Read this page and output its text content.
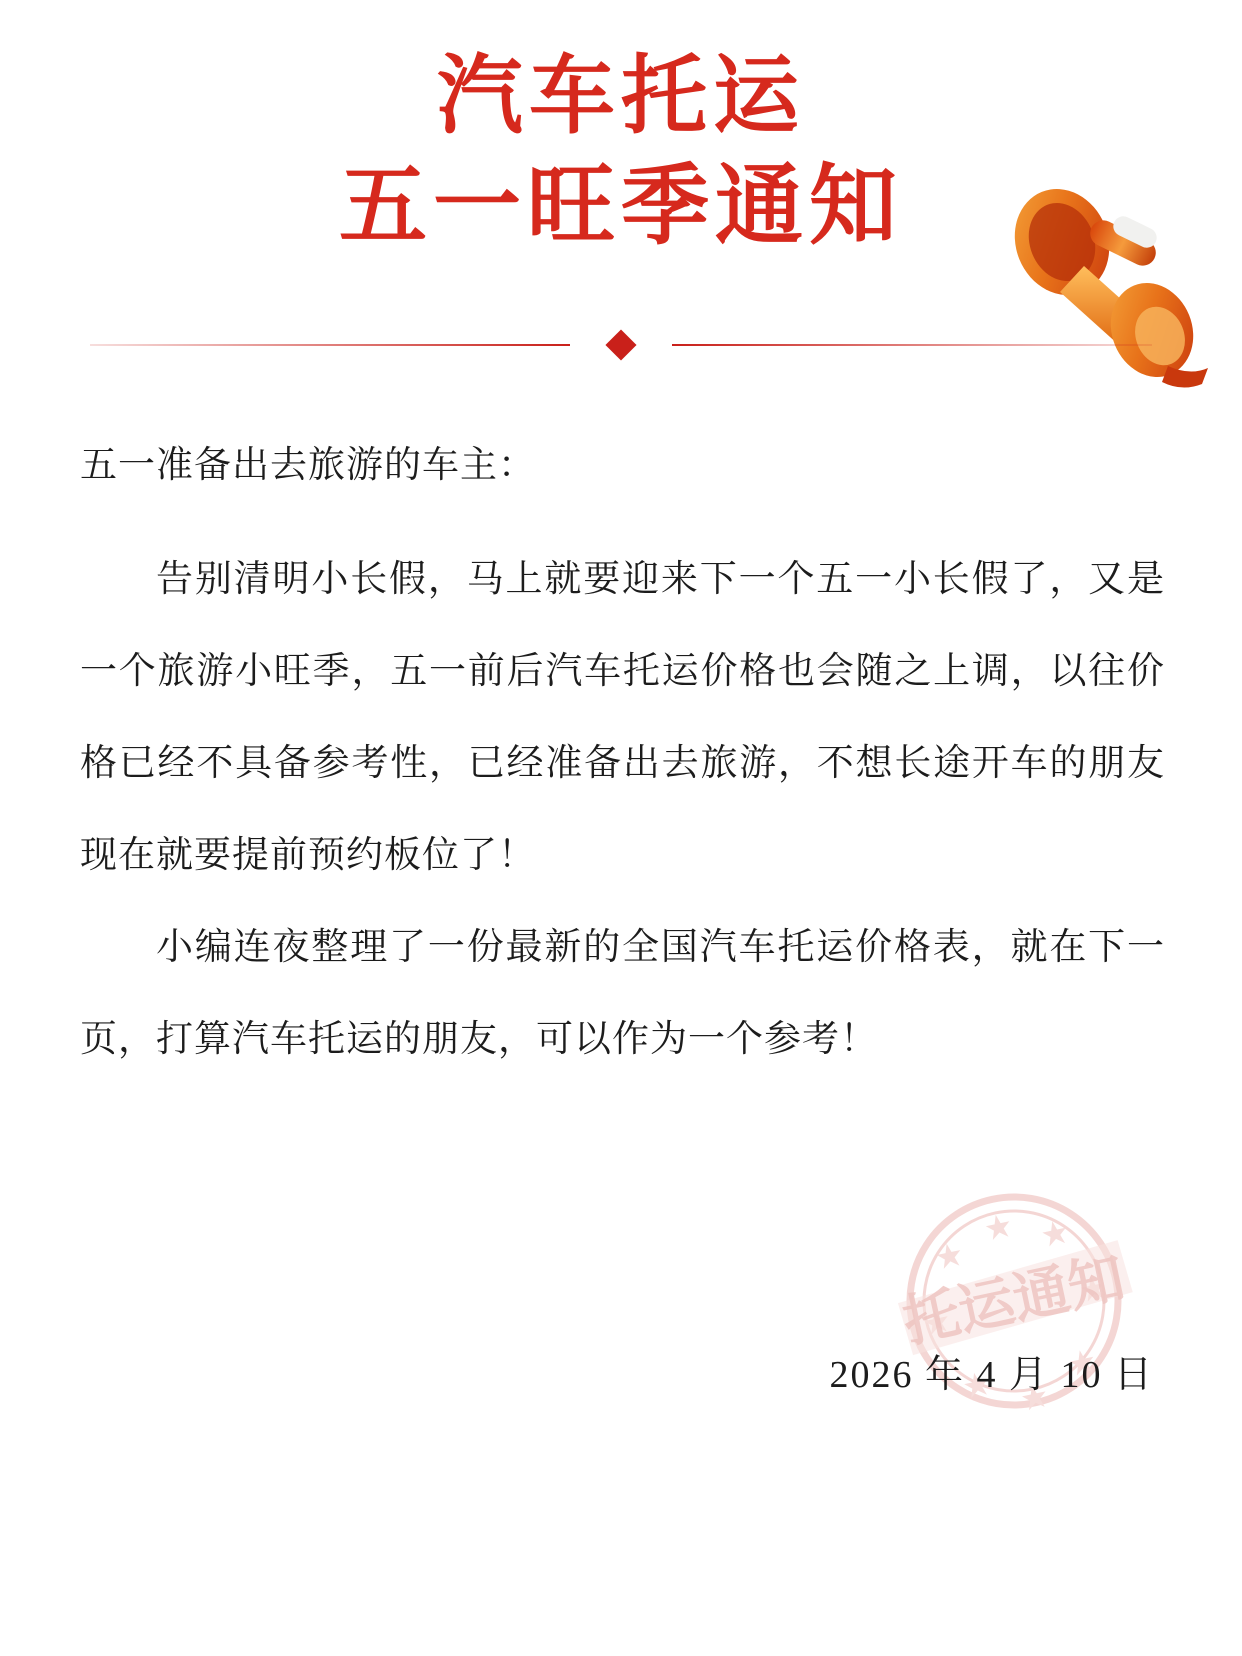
汽车托运
五一旺季通知
五一准备出去旅游的车主：
告别清明小长假，马上就要迎来下一个五一小长假了，又是一个旅游小旺季，五一前后汽车托运价格也会随之上调，以往价格已经不具备参考性，已经准备出去旅游，不想长途开车的朋友现在就要提前预约板位了！
小编连夜整理了一份最新的全国汽车托运价格表，就在下一页，打算汽车托运的朋友，可以作为一个参考！
托运通知
2026 年 4 月 10 日
